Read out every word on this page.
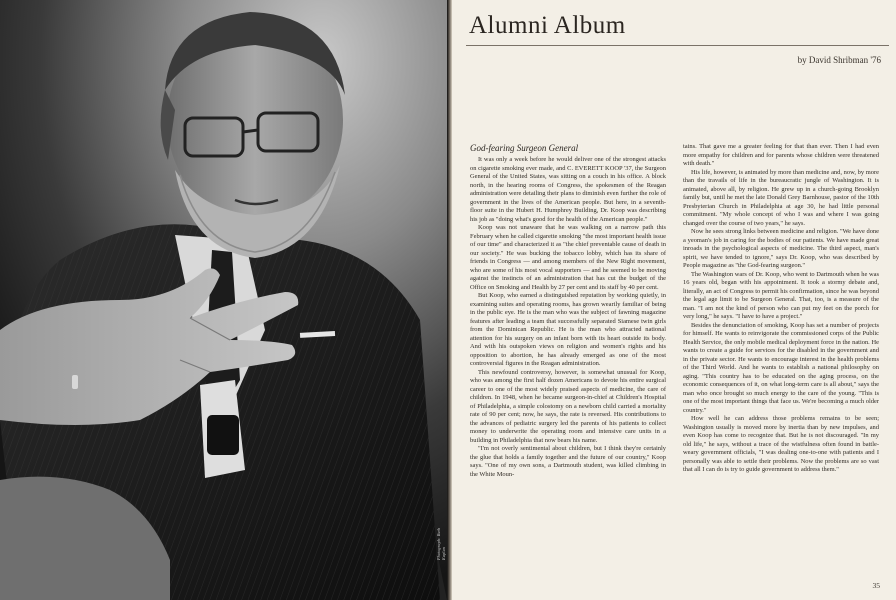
Photograph: Ruth Kaplan
Alumni Album
by David Shribman '76
God-fearing Surgeon General

It was only a week before he would deliver one of the strongest attacks on cigarette smoking ever made, and C. EVERETT KOOP '37, the Surgeon General of the United States, was sitting on a couch in his office. A block north, in the hearing rooms of Congress, the spokesmen of the Reagan administration were detailing their plans to diminish even further the role of government in the lives of the American people. But here, in a seventh-floor suite in the Hubert H. Humphrey Building, Dr. Koop was describing his job as "doing what's good for the health of the American people."

Koop was not unaware that he was walking on a narrow path this February when he called cigarette smoking "the most important health issue of our time" and characterized it as "the chief preventable cause of death in our society." He was bucking the tobacco lobby, which has its share of friends in Congress — and among members of the New Right movement, who are some of his most vocal supporters — and he seemed to be moving against the instincts of an administration that has cut the budget of the Office on Smoking and Health by 27 per cent and its staff by 40 per cent.

But Koop, who earned a distinguished reputation by working quietly, in examining suites and operating rooms, has grown wearily familiar of being in the public eye. He is the man who was the subject of fawning magazine features after leading a team that successfully separated Siamese twin girls from the Dominican Republic. He is the man who attracted national attention for his surgery on an infant born with its heart outside its body. And with his outspoken views on religion and women's rights and his opposition to abortion, he has already emerged as one of the most controversial figures in the Reagan administration.

This newfound controversy, however, is somewhat unusual for Koop, who was among the first half dozen Americans to devote his entire surgical career to one of the most widely praised aspects of medicine, the care of children. In 1948, when he became surgeon-in-chief at Children's Hospital of Philadelphia, a simple colostomy on a newborn child carried a mortality rate of 90 per cent; now, he says, the rate is reversed. His contributions to the advances of pediatric surgery led the parents of his patients to collect money to underwrite the operating room and intensive care units in a building in Philadelphia that now bears his name.

"I'm not overly sentimental about children, but I think they're certainly the glue that holds a family together and the future of our country," Koop says. "One of my own sons, a Dartmouth student, was killed climbing in the White Moun-

tains. That gave me a greater feeling for that than ever. Then I had even more empathy for children and for parents whose children were threatened with death."

His life, however, is animated by more than medicine and, now, by more than the travails of life in the bureaucratic jungle of Washington. It is animated, above all, by religion. He grew up in a church-going Brooklyn family but, until he met the late Donald Grey Barnhouse, pastor of the 10th Presbyterian Church in Philadelphia at age 30, he had little personal commitment. "My whole concept of who I was and where I was going changed over the course of two years," he says.

Now he sees strong links between medicine and religion. "We have done a yeoman's job in caring for the bodies of our patients. We have made great inroads in the psychological aspects of medicine. The third aspect, man's spirit, we have tended to ignore," says Dr. Koop, who was described by People magazine as "the God-fearing surgeon."

The Washington wars of Dr. Koop, who went to Dartmouth when he was 16 years old, began with his appointment. It took a stormy debate and, literally, an act of Congress to permit his confirmation, since he was beyond the legal age limit to be Surgeon General. That, too, is a measure of the man. "I am not the kind of person who can put my feet on the porch for very long," he says. "I have to have a project."

Besides the denunciation of smoking, Koop has set a number of projects for himself. He wants to reinvigorate the commissioned corps of the Public Health Service, the only mobile medical deployment force in the nation. He wants to create a guide for services for the disabled in the government and in the private sector. He wants to encourage interest in the health problems of the Third World. And he wants to establish a national philosophy on aging. "This country has to be educated on the aging process, on the economic consequences of it, on what long-term care is all about," says the man who once brought so much energy to the care of the young. "This is one of the most important things that face us. We're becoming a much older country."

How well he can address those problems remains to be seen; Washington usually is moved more by inertia than by new impulses, and even Koop has come to recognize that. But he is not discouraged. "In my old life," he says, without a trace of the wistfulness often found in battle-weary government officials, "I was dealing one-to-one with patients and I personally was able to settle their problems. Now the problems are so vast that all I can do is try to guide government to address them."

35
